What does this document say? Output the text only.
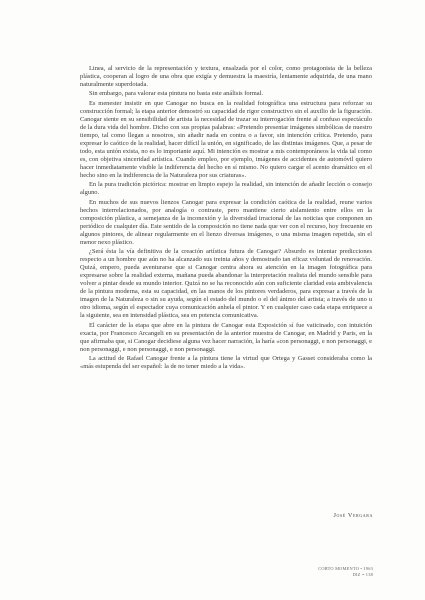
Linea, al servicio de la representación y textura, ensalzada por el color, como protagonista de la belleza plástica, cooperan al logro de una obra que exigía y demuestra la maestría, lentamente adquirida, de una mano naturalmente superdotada.

Sin embargo, para valorar esta pintura no basta este análisis formal.

Es menester insistir en que Canogar no busca en la realidad fotográfica una estructura para reforzar su construcción formal; la etapa anterior demostró su capacidad de rigor constructivo sin el auxilio de la figuración. Canogar siente en su sensibilidad de artista la necesidad de trazar su interrogación frente al confuso espectáculo de la dura vida del hombre. Dicho con sus propias palabras: «Pretendo presentar imágenes simbólicas de nuestro tiempo, tal como llegan a nosotros, sin añadir nada en contra o a favor, sin intención crítica. Pretendo, para expresar lo caótico de la realidad, hacer difícil la unión, en significado, de las distintas imágenes. Que, a pesar de todo, esta unión exista, no es lo importante aquí. Mi intención es mostrar a mis contemporáneos la vida tal como es, con objetiva sinceridad artística. Cuando empleo, por ejemplo, imágenes de accidentes de automóvil quiero hacer inmediatamente visible la indiferencia del hecho en sí mismo. No quiero cargar el acento dramático en el hecho sino en la indiferencia de la Naturaleza por sus criaturas».

En la pura tradición pictórica: mostrar en limpio espejo la realidad, sin intención de añadir lección o consejo alguno.

En muchos de sus nuevos lienzos Canogar para expresar la condición caótica de la realidad, reune varios hechos interrelacionados, por analogía o contraste, pero mantiene cierto aislamiento entre ellos en la composición plástica, a semejanza de la inconexión y la diversidad irracional de las noticias que componen un periódico de cualquier día. Este sentido de la composición no tiene nada que ver con el recurso, hoy frecuente en algunos pintores, de alinear regularmente en el lienzo diversas imágenes, o una misma imagen repetida, sin el menor nexo plástico.

¿Será ésta la vía definitiva de la creación artística futura de Canogar? Absurdo es intentar predicciones respecto a un hombre que aún no ha alcanzado sus treinta años y demostrado tan eficaz voluntad de renovación. Quizá, empero, pueda aventurarse que si Canogar centra ahora su atención en la imagen fotográfica para expresarse sobre la realidad externa, mañana pueda abandonar la interpretación realista del mundo sensible para volver a pintar desde su mundo interior. Quizá no se ha reconocido aún con suficiente claridad esta ambivalencia de la pintura moderna, esta su capacidad, en las manos de los pintores verdaderos, para expresar a través de la imagen de la Naturaleza o sin su ayuda, según el estado del mundo o el del ánimo del artista; a través de uno u otro idioma, según el espectador cuya comunicación anhela el pintor. Y en cualquier caso cada etapa enriquece a la siguiente, sea en intensidad plástica, sea en potencia comunicativa.

El carácter de la etapa que abre en la pintura de Canogar esta Exposición sí fue vaticinado, con intuición exacta, por Francesco Arcangeli en su presentación de la anterior muestra de Canogar, en Madrid y Paris, en la que afirmaba que, si Canogar decidiese alguna vez hacer narración, la haría «con personaggi, e non personaggi, e non personaggi, e non personaggi, e non personaggi.

La actitud de Rafael Canogar frente a la pintura tiene la virtud que Ortega y Gasset consideraba como la «más estupenda del ser español: la de no tener miedo a la vida».

José Vergara
CORTO MOMENTO • 1963
DIZ = 138
